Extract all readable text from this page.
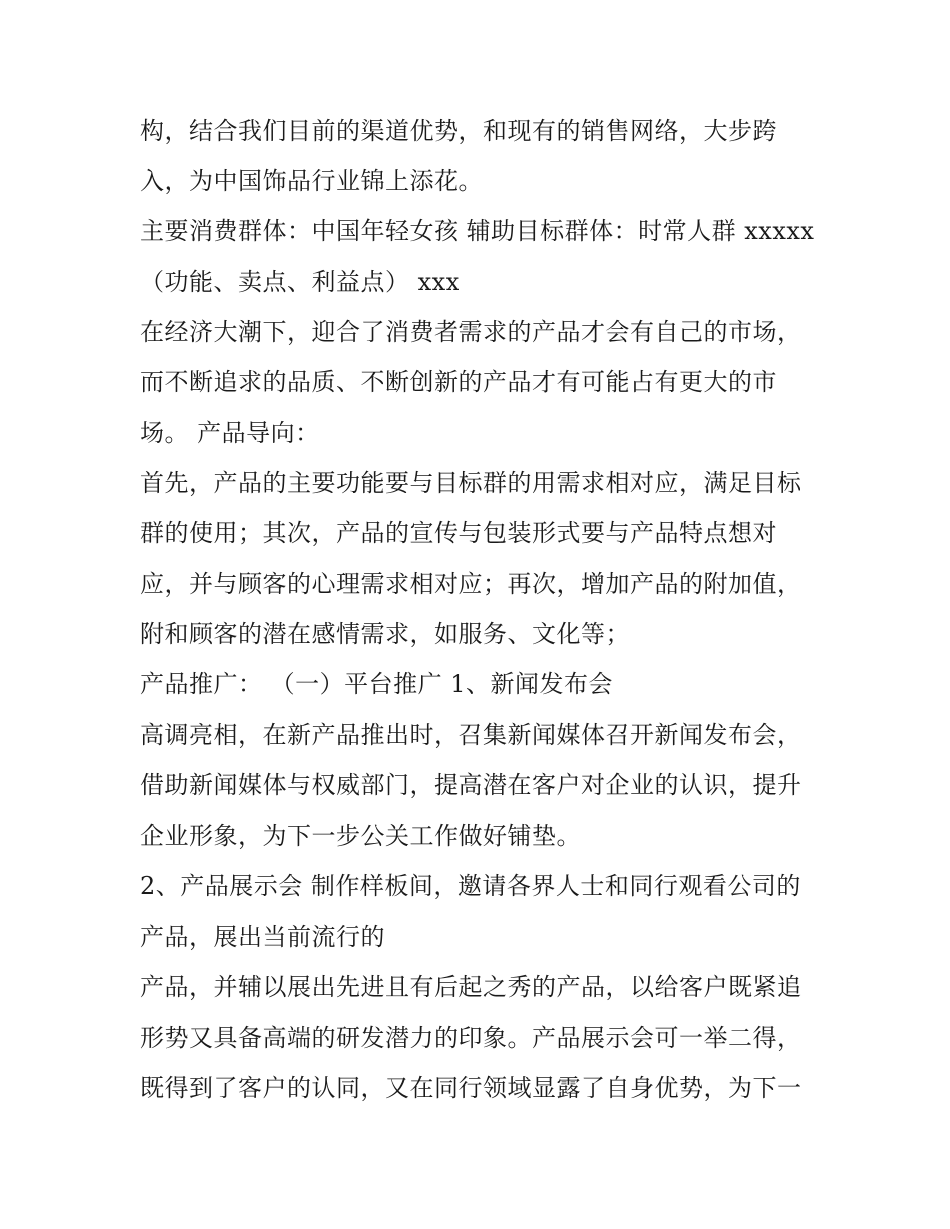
构，结合我们目前的渠道优势，和现有的销售网络，大步跨
入，为中国饰品行业锦上添花。
主要消费群体：中国年轻女孩 辅助目标群体：时常人群 xxxxx
（功能、卖点、利益点） xxx
在经济大潮下，迎合了消费者需求的产品才会有自己的市场，
而不断追求的品质、不断创新的产品才有可能占有更大的市
场。 产品导向：
首先，产品的主要功能要与目标群的用需求相对应，满足目标
群的使用；其次，产品的宣传与包装形式要与产品特点想对
应，并与顾客的心理需求相对应；再次，增加产品的附加值，
附和顾客的潜在感情需求，如服务、文化等；
产品推广： （一）平台推广 1、新闻发布会
高调亮相，在新产品推出时，召集新闻媒体召开新闻发布会，
借助新闻媒体与权威部门，提高潜在客户对企业的认识，提升
企业形象，为下一步公关工作做好铺垫。
2、产品展示会 制作样板间，邀请各界人士和同行观看公司的
产品，展出当前流行的
产品，并辅以展出先进且有后起之秀的产品，以给客户既紧追
形势又具备高端的研发潜力的印象。产品展示会可一举二得，
既得到了客户的认同，又在同行领域显露了自身优势，为下一
